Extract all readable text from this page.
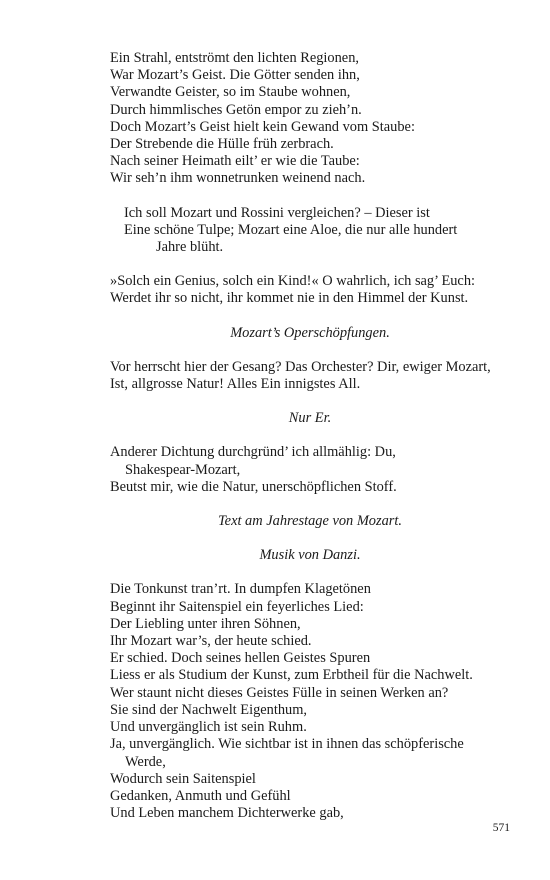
Ein Strahl, entströmt den lichten Regionen,
War Mozart’s Geist. Die Götter senden ihn,
Verwandte Geister, so im Staube wohnen,
Durch himmlisches Getön empor zu zieh’n.
Doch Mozart’s Geist hielt kein Gewand vom Staube:
Der Strebende die Hülle früh zerbrach.
Nach seiner Heimath eilt’ er wie die Taube:
Wir seh’n ihm wonnetrunken weinend nach.
Ich soll Mozart und Rossini vergleichen? – Dieser ist
Eine schöne Tulpe; Mozart eine Aloe, die nur alle hundert
Jahre blüht.
»Solch ein Genius, solch ein Kind!« O wahrlich, ich sag’ Euch:
Werdet ihr so nicht, ihr kommet nie in den Himmel der Kunst.
Mozart’s Operschöpfungen.
Vor herrscht hier der Gesang? Das Orchester? Dir, ewiger Mozart,
Ist, allgrosse Natur! Alles Ein innigstes All.
Nur Er.
Anderer Dichtung durchgründ’ ich allmählig: Du,
Shakespear-Mozart,
Beutst mir, wie die Natur, unerschöpflichen Stoff.
Text am Jahrestage von Mozart.
Musik von Danzi.
Die Tonkunst tran’rt. In dumpfen Klagetönen
Beginnt ihr Saitenspiel ein feyerliches Lied:
Der Liebling unter ihren Söhnen,
Ihr Mozart war’s, der heute schied.
Er schied. Doch seines hellen Geistes Spuren
Liess er als Studium der Kunst, zum Erbtheil für die Nachwelt.
Wer staunt nicht dieses Geistes Fülle in seinen Werken an?
Sie sind der Nachwelt Eigenthum,
Und unvergänglich ist sein Ruhm.
Ja, unvergänglich. Wie sichtbar ist in ihnen das schöpferische
Werde,
Wodurch sein Saitenspiel
Gedanken, Anmuth und Gefühl
Und Leben manchem Dichterwerke gab,
571
